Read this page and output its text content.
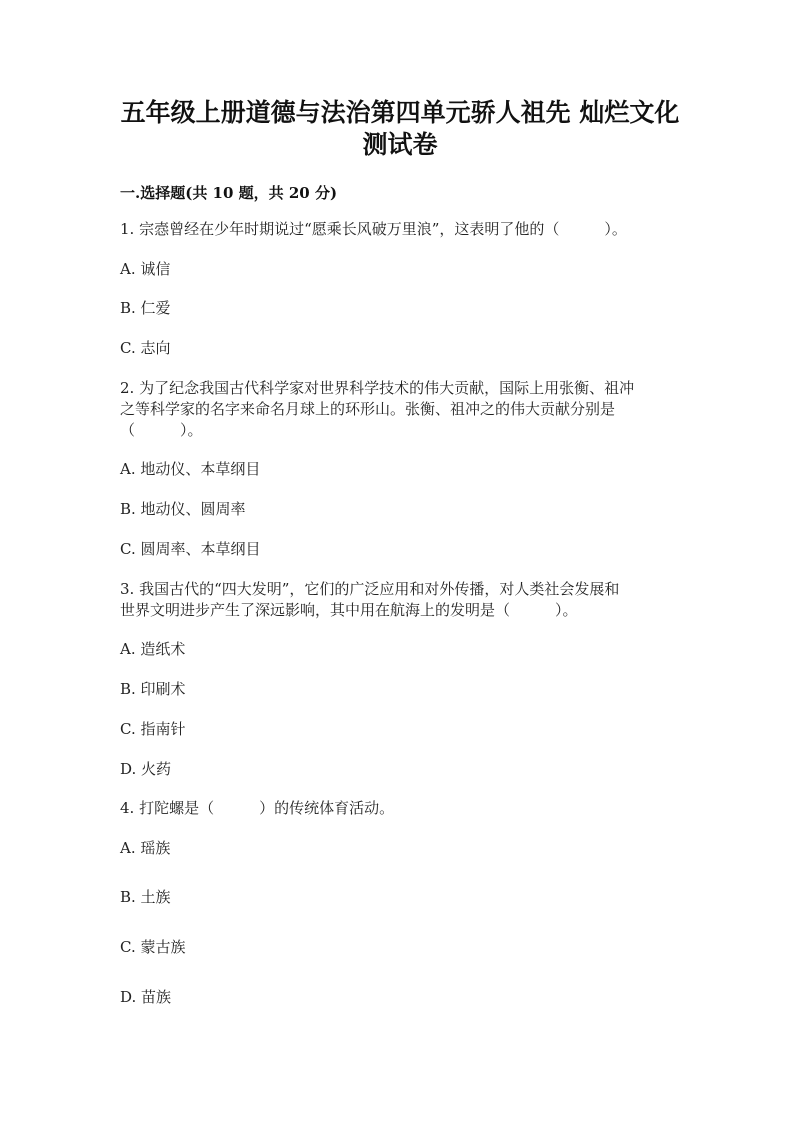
五年级上册道德与法治第四单元骄人祖先 灿烂文化
测试卷
一.选择题(共 10 题，共 20 分)
1. 宗悫曾经在少年时期说过“愿乘长风破万里浪”，这表明了他的（　　　）。
A. 诚信
B. 仁爱
C. 志向
2. 为了纪念我国古代科学家对世界科学技术的伟大贡献，国际上用张衡、祖冲
之等科学家的名字来命名月球上的环形山。张衡、祖冲之的伟大贡献分别是
（　　　）。
A. 地动仪、本草纲目
B. 地动仪、圆周率
C. 圆周率、本草纲目
3. 我国古代的“四大发明”，它们的广泛应用和对外传播，对人类社会发展和
世界文明进步产生了深远影响，其中用在航海上的发明是（　　　）。
A. 造纸术
B. 印刷术
C. 指南针
D. 火药
4. 打陀螺是（　　　）的传统体育活动。
A. 瑶族
B. 土族
C. 蒙古族
D. 苗族
